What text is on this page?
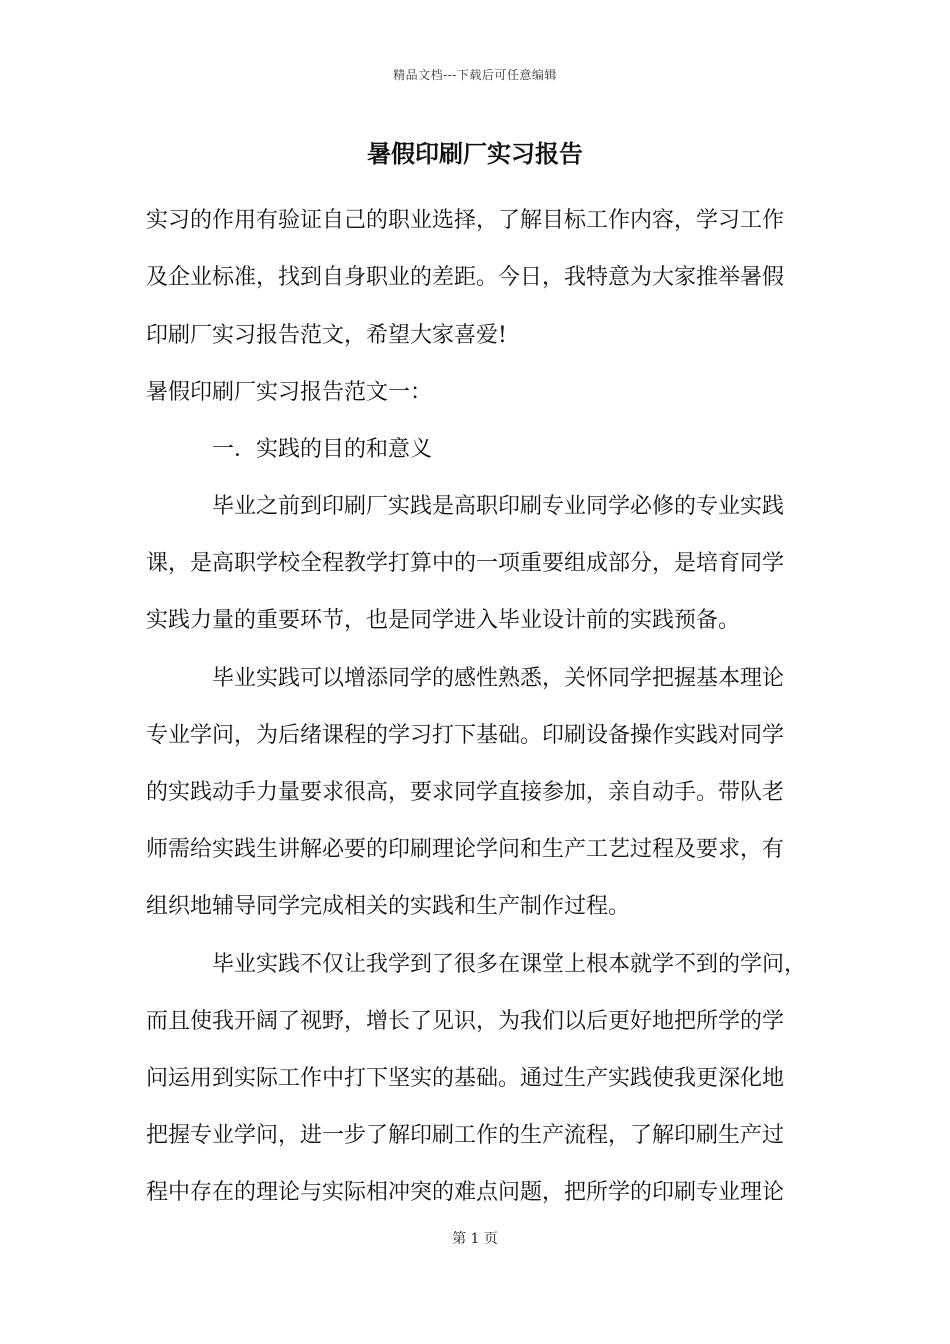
精品文档---下载后可任意编辑
暑假印刷厂实习报告
实习的作用有验证自己的职业选择，了解目标工作内容，学习工作
及企业标准，找到自身职业的差距。今日，我特意为大家推举暑假
印刷厂实习报告范文，希望大家喜爱!
暑假印刷厂实习报告范文一：
一．实践的目的和意义
毕业之前到印刷厂实践是高职印刷专业同学必修的专业实践
课，是高职学校全程教学打算中的一项重要组成部分，是培育同学
实践力量的重要环节，也是同学进入毕业设计前的实践预备。
毕业实践可以增添同学的感性熟悉，关怀同学把握基本理论
专业学问，为后绪课程的学习打下基础。印刷设备操作实践对同学
的实践动手力量要求很高，要求同学直接参加，亲自动手。带队老
师需给实践生讲解必要的印刷理论学问和生产工艺过程及要求，有
组织地辅导同学完成相关的实践和生产制作过程。
毕业实践不仅让我学到了很多在课堂上根本就学不到的学问，
而且使我开阔了视野，增长了见识，为我们以后更好地把所学的学
问运用到实际工作中打下坚实的基础。通过生产实践使我更深化地
把握专业学问，进一步了解印刷工作的生产流程，了解印刷生产过
程中存在的理论与实际相冲突的难点问题，把所学的印刷专业理论
第 1 页
